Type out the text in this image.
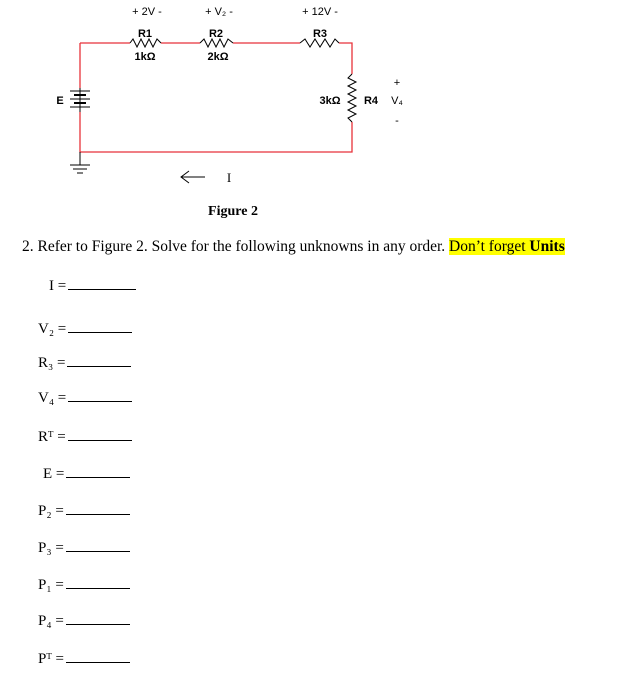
+ 2V -	+ V₂ -	+ 12V -
R1	R2	R3
1kΩ	2kΩ
3kΩ R4
+
V₄
-
E
I
Figure 2
2. Refer to Figure 2. Solve for the following unknowns in any order. Don’t forget Units
I =
V₂ =
R₃ =
V₄ =
Rᵀ =
E =
P₂ =
P₃ =
P₁ =
P₄ =
Pᵀ =
